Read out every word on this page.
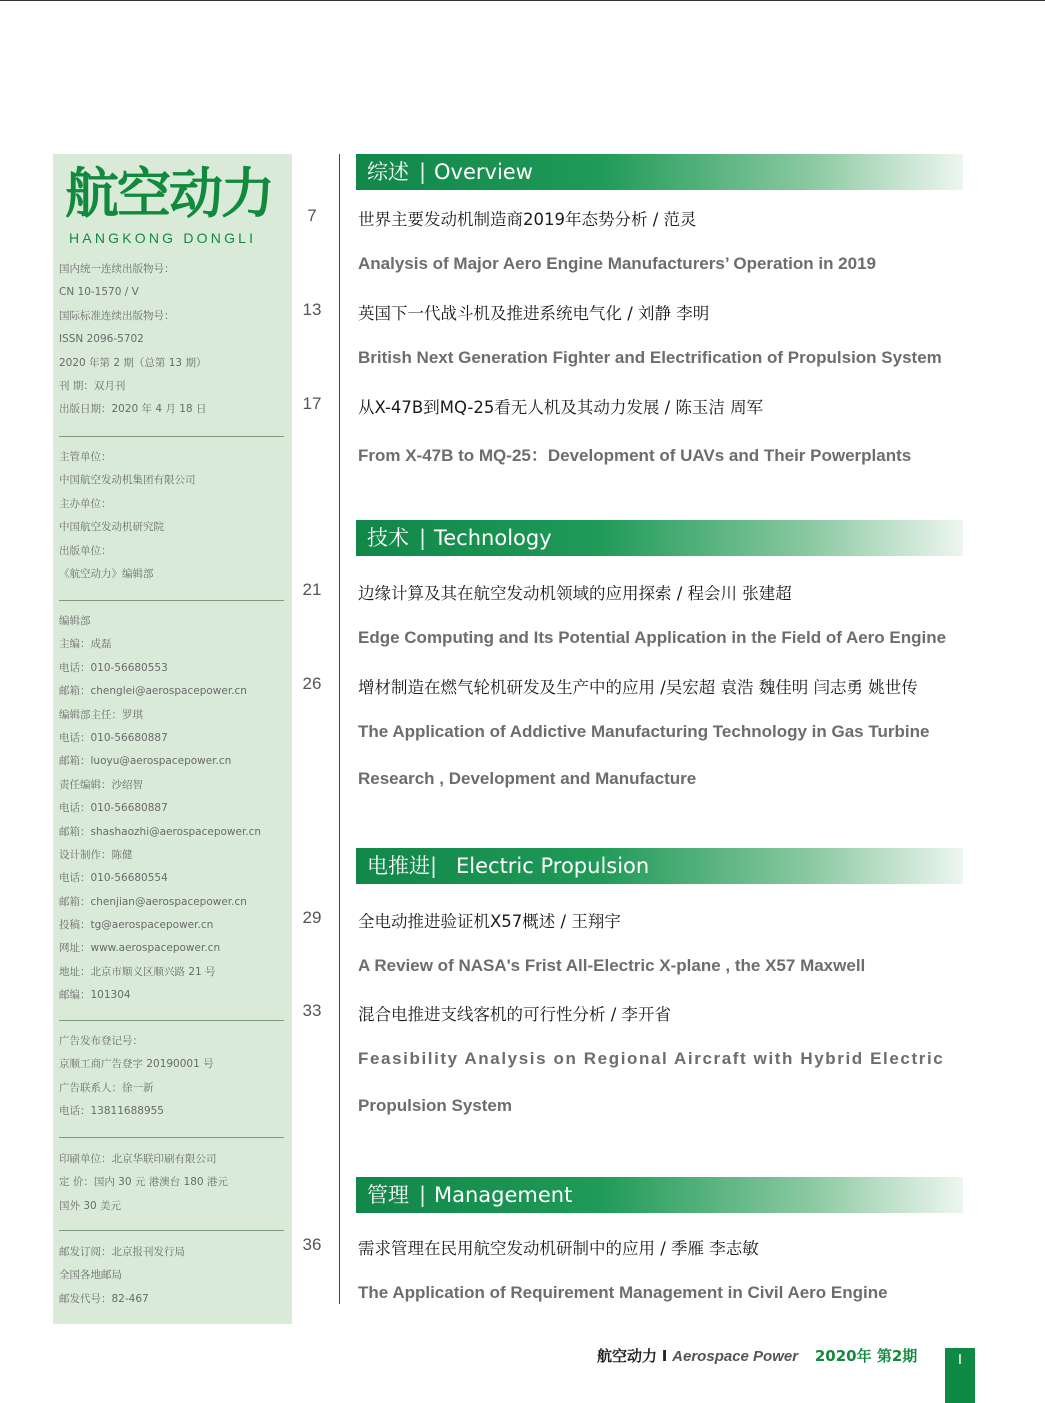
航空动力
HANGKONG DONGLI
国内统一连续出版物号：
CN 10-1570 / V
国际标准连续出版物号：
ISSN 2096-5702
2020 年第 2 期（总第 13 期）
刊 期：双月刊
出版日期：2020 年 4 月 18 日
主管单位：
中国航空发动机集团有限公司
主办单位：
中国航空发动机研究院
出版单位：
《航空动力》编辑部
编辑部
主编：成磊
电话：010-56680553
邮箱：chenglei@aerospacepower.cn
编辑部主任：罗琪
电话：010-56680887
邮箱：luoyu@aerospacepower.cn
责任编辑：沙绍智
电话：010-56680887
邮箱：shashaozhi@aerospacepower.cn
设计制作：陈健
电话：010-56680554
邮箱：chenjian@aerospacepower.cn
投稿：tg@aerospacepower.cn
网址：www.aerospacepower.cn
地址：北京市顺义区顺兴路 21 号
邮编：101304
广告发布登记号：
京顺工商广告登字 20190001 号
广告联系人：徐一新
电话：13811688955
印刷单位：北京华联印刷有限公司
定 价：国内 30 元 港澳台 180 港元
国外 30 美元
邮发订阅：北京报刊发行局
全国各地邮局
邮发代号：82-467
综述 | Overview
7	世界主要发动机制造商2019年态势分析 / 范灵
Analysis of Major Aero Engine Manufacturers’ Operation in 2019
13	英国下一代战斗机及推进系统电气化 / 刘静 李明
British Next Generation Fighter and Electrification of Propulsion System
17	从X-47B到MQ-25看无人机及其动力发展 / 陈玉洁 周军
From X-47B to MQ-25：Development of UAVs and Their Powerplants
技术 | Technology
21	边缘计算及其在航空发动机领域的应用探索 / 程会川 张建超
Edge Computing and Its Potential Application in the Field of Aero Engine
26	增材制造在燃气轮机研发及生产中的应用 /吴宏超 袁浩 魏佳明 闫志勇 姚世传
The Application of Addictive Manufacturing Technology in Gas Turbine
Research , Development and Manufacture
电推进 | Electric Propulsion
29	全电动推进验证机X57概述 / 王翔宇
A Review of NASA's Frist All-Electric X-plane , the X57 Maxwell
33	混合电推进支线客机的可行性分析 / 李开省
Feasibility Analysis on Regional Aircraft with Hybrid Electric
Propulsion System
管理 | Management
36	需求管理在民用航空发动机研制中的应用 / 季雁 李志敏
The Application of Requirement Management in Civil Aero Engine
航空动力 I Aerospace Power 2020年 第2期	I
